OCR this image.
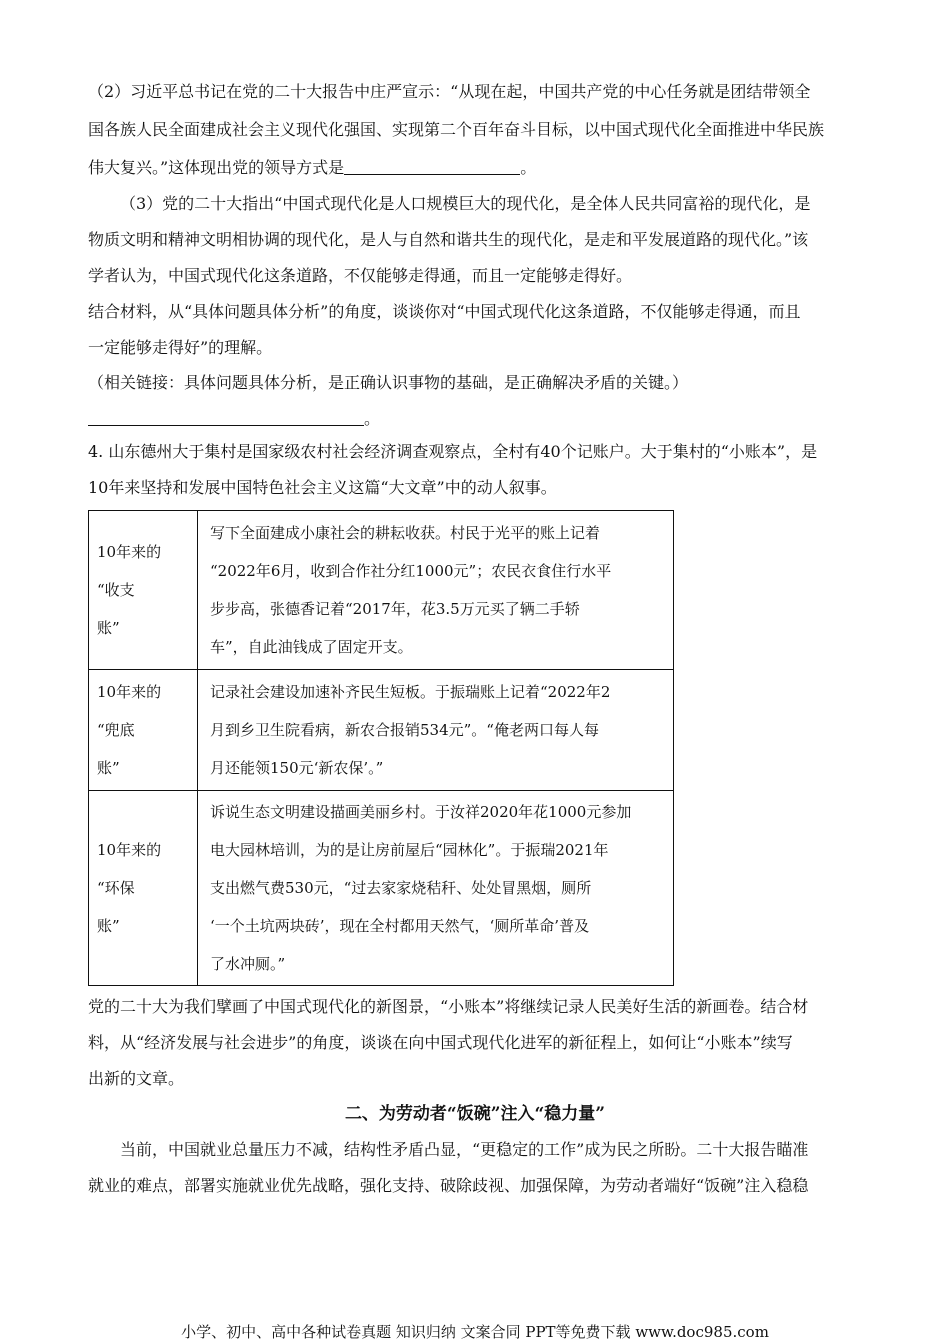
（2）习近平总书记在党的二十大报告中庄严宣示：“从现在起，中国共产党的中心任务就是团结带领全
国各族人民全面建成社会主义现代化强国、实现第二个百年奋斗目标，以中国式现代化全面推进中华民族
伟大复兴。”这体现出党的领导方式是	。
（3）党的二十大指出“中国式现代化是人口规模巨大的现代化，是全体人民共同富裕的现代化，是
物质文明和精神文明相协调的现代化，是人与自然和谐共生的现代化，是走和平发展道路的现代化。”该
学者认为，中国式现代化这条道路，不仅能够走得通，而且一定能够走得好。
结合材料，从“具体问题具体分析”的角度，谈谈你对“中国式现代化这条道路，不仅能够走得通，而且
一定能够走得好”的理解。
（相关链接：具体问题具体分析，是正确认识事物的基础，是正确解决矛盾的关键。）
。
4. 山东德州大于集村是国家级农村社会经济调查观察点，全村有40个记账户。大于集村的“小账本”，是
10年来坚持和发展中国特色社会主义这篇“大文章”中的动人叙事。
10年来的
“收支
账”	写下全面建成小康社会的耕耘收获。村民于光平的账上记着
“2022年6月，收到合作社分红1000元”；农民衣食住行水平
步步高，张德香记着“2017年，花3.5万元买了辆二手轿
车”，自此油钱成了固定开支。

10年来的
“兜底
账”	记录社会建设加速补齐民生短板。于振瑞账上记着“2022年2
月到乡卫生院看病，新农合报销534元”。“俺老两口每人每
月还能领150元‘新农保’。”

10年来的
“环保
账”	诉说生态文明建设描画美丽乡村。于汝祥2020年花1000元参加
电大园林培训，为的是让房前屋后“园林化”。于振瑞2021年
支出燃气费530元，“过去家家烧秸秆、处处冒黑烟，厕所
‘一个土坑两块砖’，现在全村都用天然气，‘厕所革命’普及
了水冲厕。”
党的二十大为我们擘画了中国式现代化的新图景，“小账本”将继续记录人民美好生活的新画卷。结合材
料，从“经济发展与社会进步”的角度，谈谈在向中国式现代化进军的新征程上，如何让“小账本”续写
出新的文章。
二、为劳动者“饭碗”注入“稳力量”
当前，中国就业总量压力不减，结构性矛盾凸显，“更稳定的工作”成为民之所盼。二十大报告瞄准
就业的难点，部署实施就业优先战略，强化支持、破除歧视、加强保障，为劳动者端好“饭碗”注入稳稳
小学、初中、高中各种试卷真题 知识归纳 文案合同 PPT等免费下载 www.doc985.com
